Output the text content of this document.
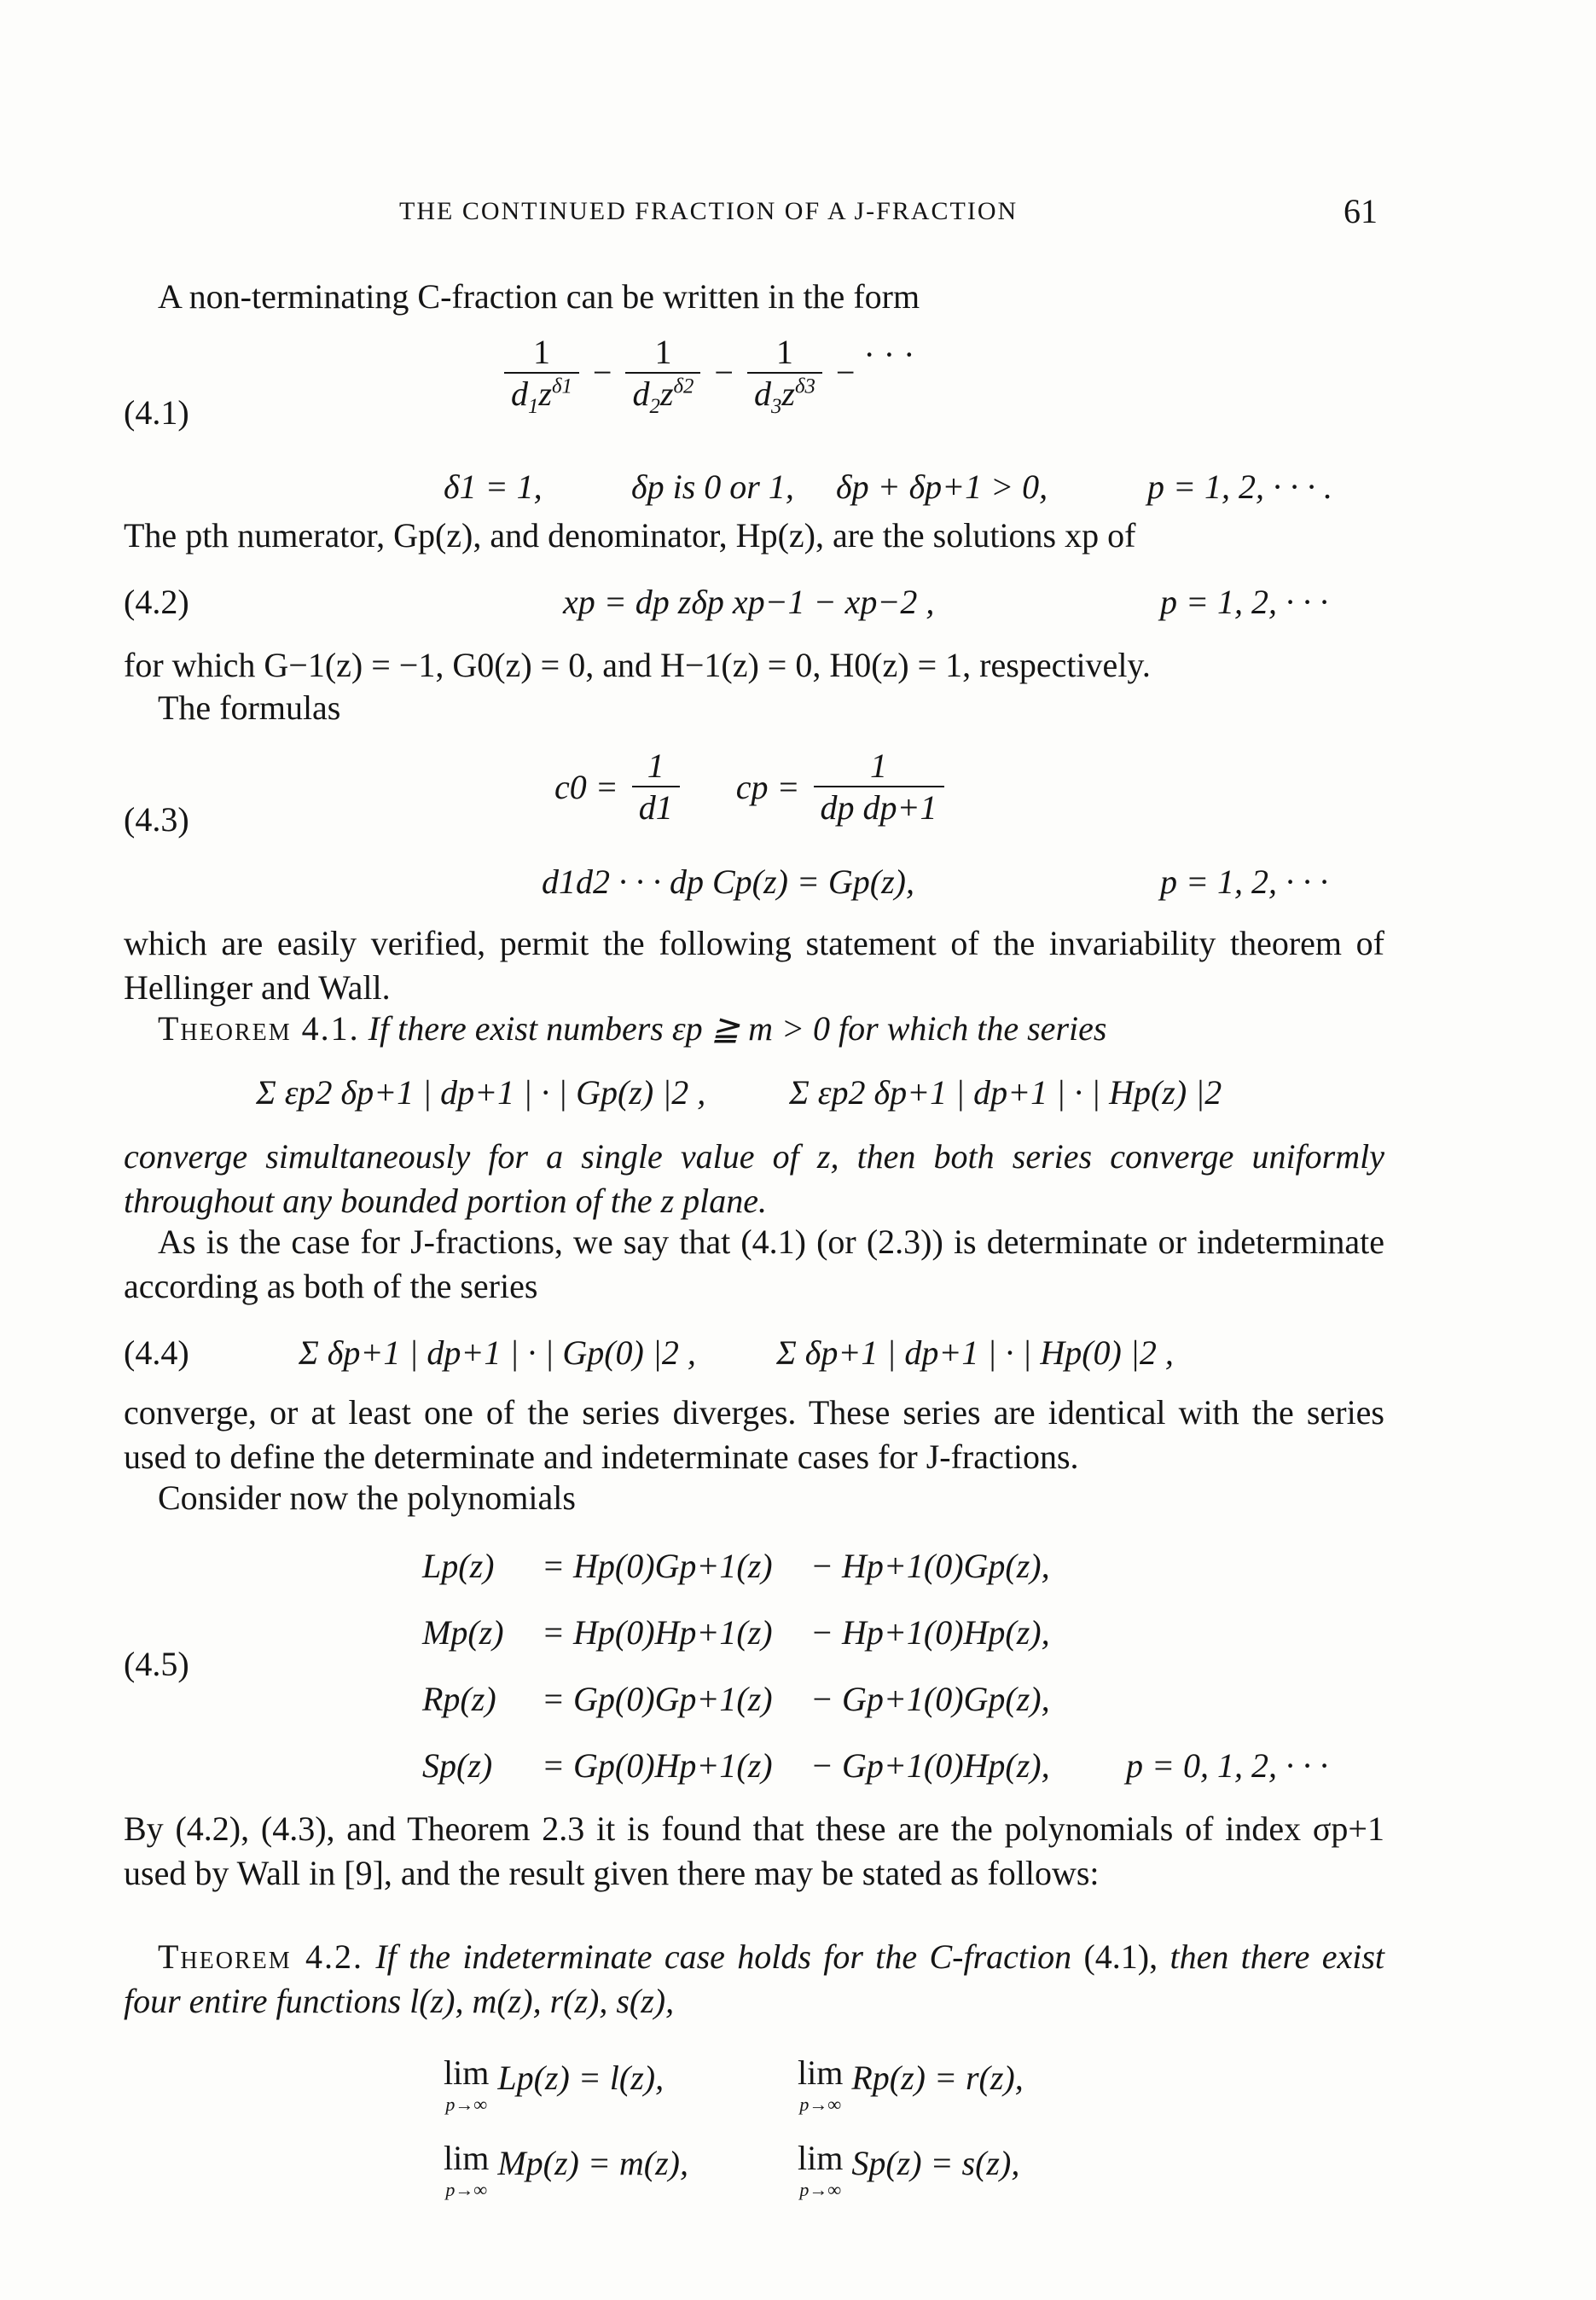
THE CONTINUED FRACTION OF A J-FRACTION	61
A non-terminating C-fraction can be written in the form
(4.1)	$\frac{1}{d_1z^{\delta 1}} - \frac{1}{d_2z^{\delta 2}} - \frac{1}{d_3z^{\delta 3}}$ − · · ·
δ1 = 1,	δp is 0 or 1, δp + δp+1 > 0,	p = 1, 2, · · · .
The pth numerator, Gp(z), and denominator, Hp(z), are the solutions xp of
(4.2)	xp = dp zδp xp−1 − xp−2 ,	p = 1, 2, · · ·
for which G−1(z) = −1, G0(z) = 0, and H−1(z) = 0, H0(z) = 1, respectively.
The formulas
(4.3)
$c0 = \frac{1}{d1}$ cp = $\frac{1}{\text{dp dp+1}}$
d1d2 · · · dp Cp(z) = Gp(z),	p = 1, 2, · · ·
which are easily verified, permit the following statement of the invariability theorem of Hellinger and Wall.
Theorem 4.1. If there exist numbers εp ≧ m > 0 for which the series
Σ εp2 δp+1 | dp+1 | · | Gp(z) |2 , Σ εp2 δp+1 | dp+1 | · | Hp(z) |2
converge simultaneously for a single value of z, then both series converge uniformly throughout any bounded portion of the z plane.
As is the case for J-fractions, we say that (4.1) (or (2.3)) is determinate or indeterminate according as both of the series
(4.4)	Σ δp+1 | dp+1 | · | Gp(0) |2 , Σ δp+1 | dp+1 | · | Hp(0) |2 ,
converge, or at least one of the series diverges. These series are identical with the series used to define the determinate and indeterminate cases for J-fractions.
Consider now the polynomials
(4.5)
Lp(z) = Hp(0)Gp+1(z) − Hp+1(0)Gp(z),
Mp(z) = Hp(0)Hp+1(z) − Hp+1(0)Hp(z),
Rp(z) = Gp(0)Gp+1(z) − Gp+1(0)Gp(z),
Sp(z) = Gp(0)Hp+1(z) − Gp+1(0)Hp(z), p = 0, 1, 2, · · ·
By (4.2), (4.3), and Theorem 2.3 it is found that these are the polynomials of index σp+1 used by Wall in [9], and the result given there may be stated as follows:
Theorem 4.2. If the indeterminate case holds for the C-fraction (4.1), then there exist four entire functions l(z), m(z), r(z), s(z),
lim
p→∞
Lp(z) = l(z),	lim
p→∞
Rp(z) = r(z),
lim
p→∞
Mp(z) = m(z),	lim
p→∞
Sp(z) = s(z),
